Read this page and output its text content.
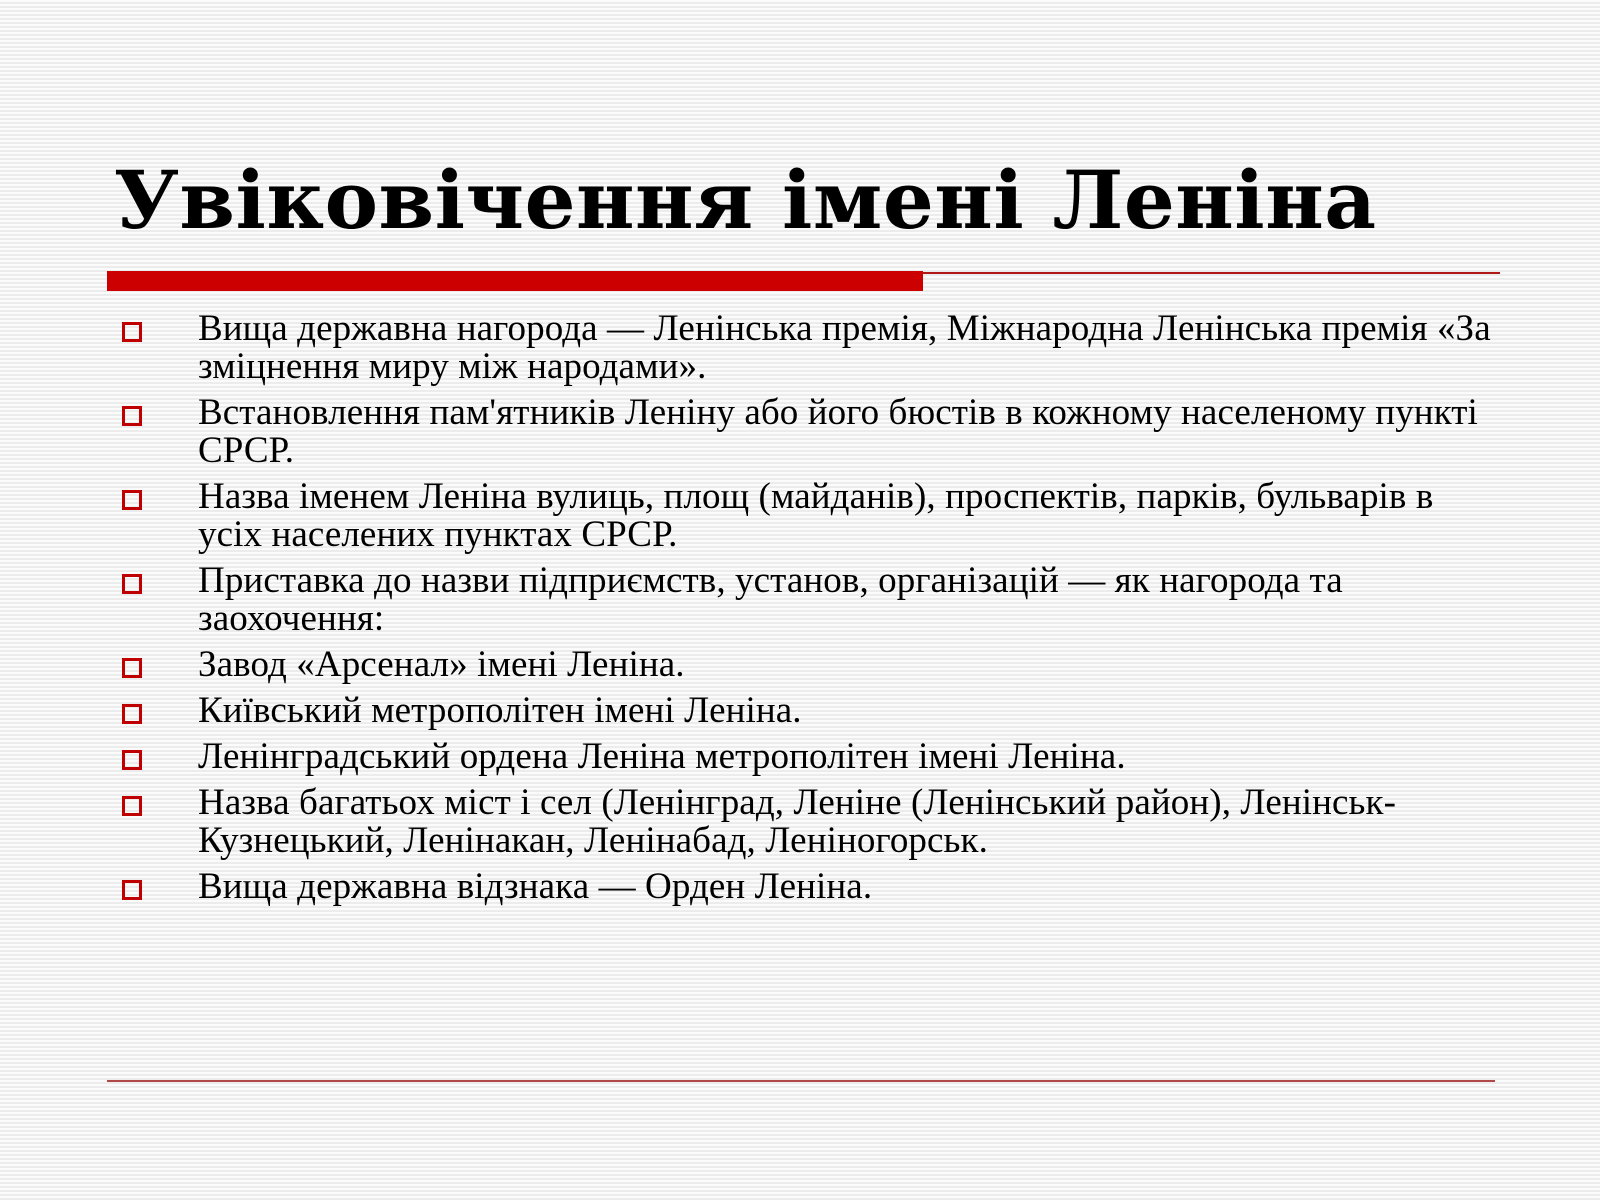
Увіковічення імені Леніна
Вища державна нагорода — Ленінська премія, Міжнародна Ленінська премія «За зміцнення миру між народами».
Встановлення пам'ятників Леніну або його бюстів в кожному населеному пункті СРСР.
Назва іменем Леніна вулиць, площ (майданів), проспектів, парків, бульварів в усіх населених пунктах СРСР.
Приставка до назви підприємств, установ, організацій — як нагорода та заохочення:
Завод «Арсенал» імені Леніна.
Київський метрополітен імені Леніна.
Ленінградський ордена Леніна метрополітен імені Леніна.
Назва багатьох міст і сел (Ленінград, Леніне (Ленінський район), Ленінськ-Кузнецький, Ленінакан, Ленінабад, Леніногорськ.
Вища державна відзнака — Орден Леніна.
